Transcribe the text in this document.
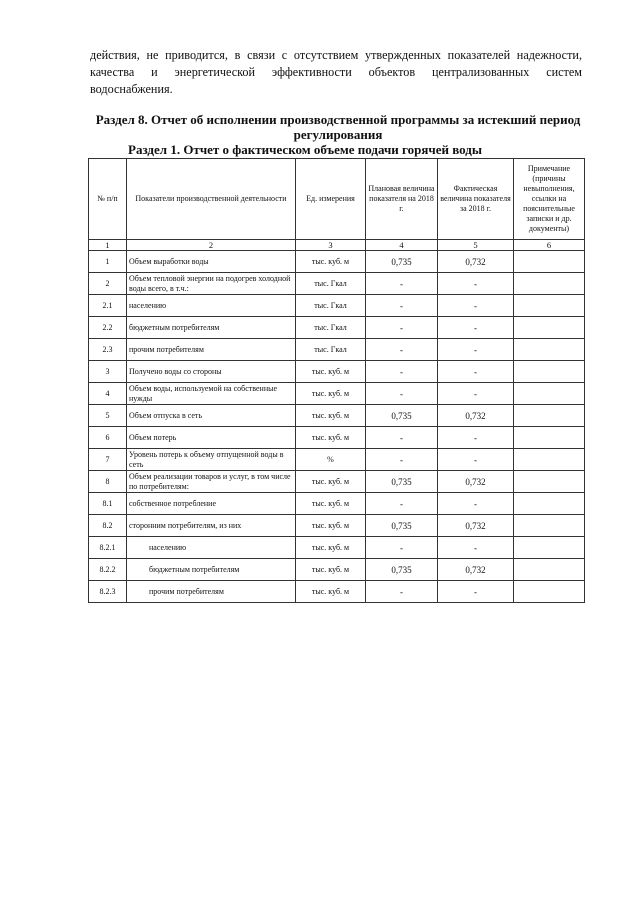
действия, не приводится, в связи с отсутствием утвержденных показателей надежности, качества и энергетической эффективности объектов централизованных систем водоснабжения.
Раздел 8. Отчет об исполнении производственной программы за истекший период регулирования
Раздел 1. Отчет о фактическом объеме подачи горячей воды
№ п/п	Показатели производственной деятельности	Ед. измерения	Плановая величина показателя на 2018 г.	Фактическая величина показателя за 2018 г.	Примечание (причины невыполнения, ссылки на пояснительные записки и др. документы)
1	2	3	4	5	6
1	Объем выработки воды	тыс. куб. м	0,735	0,732	
2	Объем тепловой энергии на подогрев холодной воды всего, в т.ч.:	тыс. Гкал	-	-	
2.1	населению	тыс. Гкал	-	-	
2.2	бюджетным потребителям	тыс. Гкал	-	-	
2.3	прочим потребителям	тыс. Гкал	-	-	
3	Получено воды со стороны	тыс. куб. м	-	-	
4	Объем воды, используемой на собственные нужды	тыс. куб. м	-	-	
5	Объем отпуска в сеть	тыс. куб. м	0,735	0,732	
6	Объем потерь	тыс. куб. м	-	-	
7	Уровень потерь к объему отпущенной воды в сеть	%	-	-	
8	Объем реализации товаров и услуг, в том числе по потребителям:	тыс. куб. м	0,735	0,732	
8.1	собственное потребление	тыс. куб. м	-	-	
8.2	сторонним потребителям, из них	тыс. куб. м	0,735	0,732	
8.2.1	населению	тыс. куб. м	-	-	
8.2.2	бюджетным потребителям	тыс. куб. м	0,735	0,732	
8.2.3	прочим потребителям	тыс. куб. м	-	-	
